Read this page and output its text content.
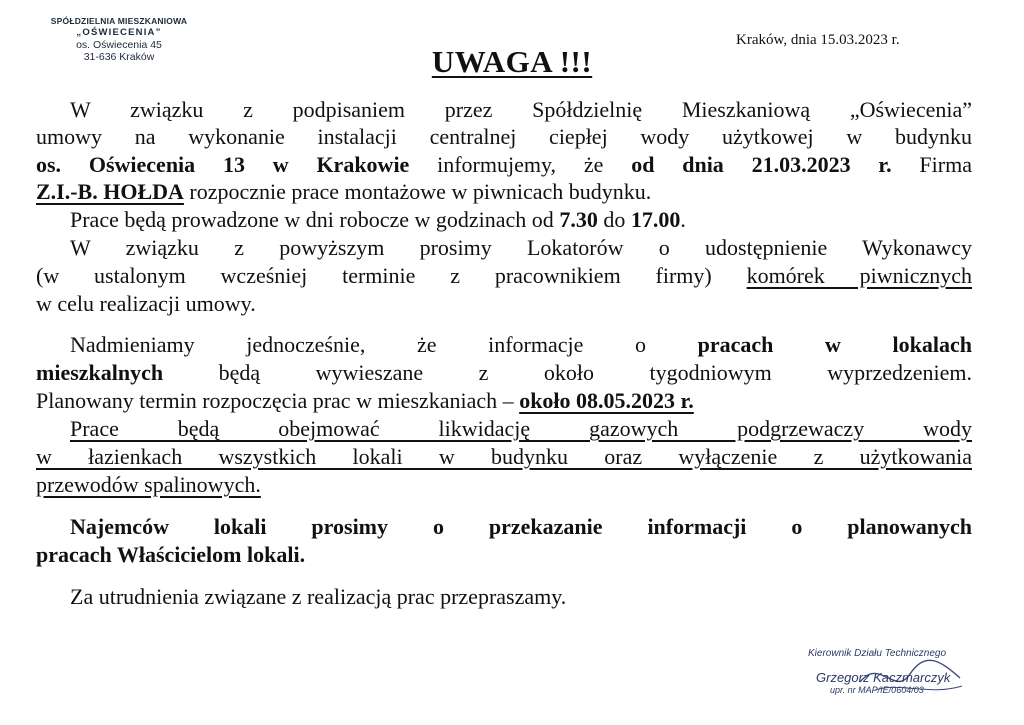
SPÓŁDZIELNIA MIESZKANIOWA
„OŚWIECENIA”
os. Oświecenia 45
31-636 Kraków
Kraków, dnia 15.03.2023 r.
UWAGA !!!
W związku z podpisaniem przez Spółdzielnię Mieszkaniową „Oświecenia”
umowy na wykonanie instalacji centralnej ciepłej wody użytkowej w budynku
os. Oświecenia 13 w Krakowie informujemy, że od dnia 21.03.2023 r. Firma
Z.I.-B. HOŁDA rozpocznie prace montażowe w piwnicach budynku.
Prace będą prowadzone w dni robocze w godzinach od 7.30 do 17.00.
W związku z powyższym prosimy Lokatorów o udostępnienie Wykonawcy
(w ustalonym wcześniej terminie z pracownikiem firmy) komórek piwnicznych
w celu realizacji umowy.
Nadmieniamy jednocześnie, że informacje o pracach w lokalach
mieszkalnych będą wywieszane z około tygodniowym wyprzedzeniem.
Planowany termin rozpoczęcia prac w mieszkaniach – około 08.05.2023 r.
Prace będą obejmować likwidację gazowych podgrzewaczy wody
w łazienkach wszystkich lokali w budynku oraz wyłączenie z użytkowania
przewodów spalinowych.
Najemców lokali prosimy o przekazanie informacji o planowanych
pracach Właścicielom lokali.
Za utrudnienia związane z realizacją prac przepraszamy.
Kierownik Działu Technicznego
Grzegorz Kaczmarczyk
upr. nr MAP/IE/0604/03
